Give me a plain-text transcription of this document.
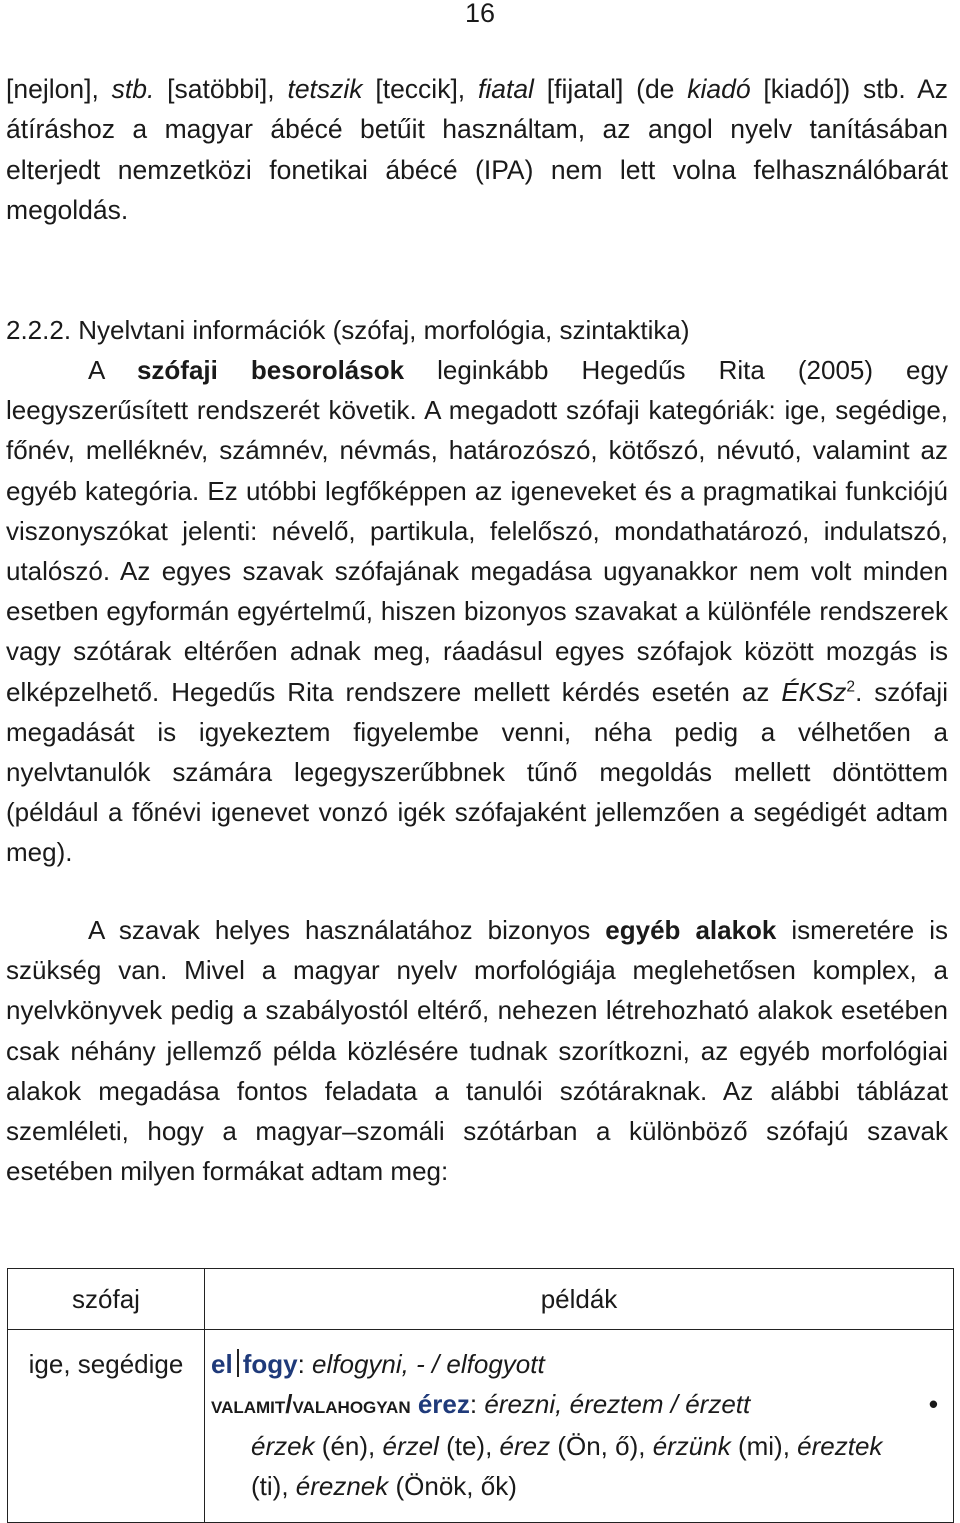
16

[nejlon], stb. [satöbbi], tetszik [teccik], fiatal [fijatal] (de kiadó [kiadó]) stb. Az átíráshoz a magyar ábécé betűit használtam, az angol nyelv tanításában elterjedt nemzetközi fonetikai ábécé (IPA) nem lett volna felhasználóbarát megoldás.

2.2.2. Nyelvtani információk (szófaj, morfológia, szintaktika)

A szófaji besorolások leginkább Hegedűs Rita (2005) egy leegyszerűsített rendszerét követik. A megadott szófaji kategóriák: ige, segédige, főnév, melléknév, számnév, névmás, határozószó, kötőszó, névutó, valamint az egyéb kategória. Ez utóbbi legfőképpen az igeneveket és a pragmatikai funkciójú viszonyszókat jelenti: névelő, partikula, felelőszó, mondathatározó, indulatszó, utalószó. Az egyes szavak szófajának megadása ugyanakkor nem volt minden esetben egyformán egyértelmű, hiszen bizonyos szavakat a különféle rendszerek vagy szótárak eltérően adnak meg, ráadásul egyes szófajok között mozgás is elképzelhető. Hegedűs Rita rendszere mellett kérdés esetén az ÉKSz$^2$. szófaji megadását is igyekeztem figyelembe venni, néha pedig a vélhetően a nyelvtanulók számára legegyszerűbbnek tűnő megoldás mellett döntöttem (például a főnévi igenevet vonzó igék szófajaként jellemzően a segédigét adtam meg).

A szavak helyes használatához bizonyos egyéb alakok ismeretére is szükség van. Mivel a magyar nyelv morfológiája meglehetősen komplex, a nyelvkönyvek pedig a szabályostól eltérő, nehezen létrehozható alakok esetében csak néhány jellemző példa közlésére tudnak szorítkozni, az egyéb morfológiai alakok megadása fontos feladata a tanulói szótáraknak. Az alábbi táblázat szemléleti, hogy a magyar–szomáli szótárban a különböző szófajú szavak esetében milyen formákat adtam meg:

szófaj	példák
ige, segédige	el fogy: elfogyni, - / elfogyott
valamit/valahogyan érez: érezni, éreztem / érzett •
érzek (én), érzel (te), érez (Ön, ő), érzünk (mi), éreztek
(ti), éreznek (Önök, ők)
